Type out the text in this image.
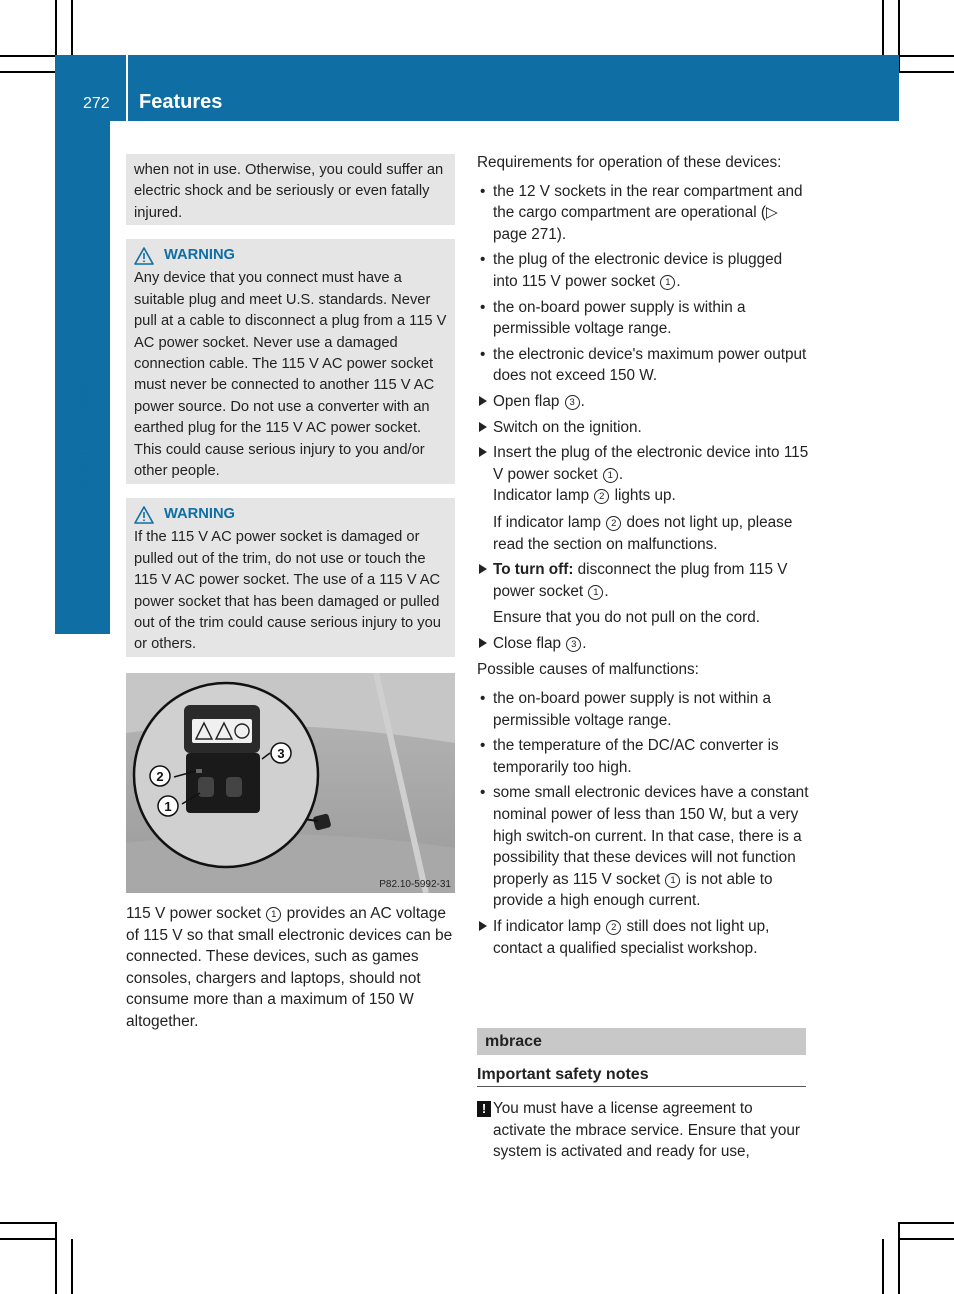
272 Features
Stowage and features
when not in use. Otherwise, you could suffer an electric shock and be seriously or even fatally injured.
WARNING
Any device that you connect must have a suitable plug and meet U.S. standards. Never pull at a cable to disconnect a plug from a 115 V AC power socket. Never use a damaged connection cable. The 115 V AC power socket must never be connected to another 115 V AC power source. Do not use a converter with an earthed plug for the 115 V AC power socket. This could cause serious injury to you and/or other people.
WARNING
If the 115 V AC power socket is damaged or pulled out of the trim, do not use or touch the 115 V AC power socket. The use of a 115 V AC power socket that has been damaged or pulled out of the trim could cause serious injury to you or others.
3
2
1
P82.10-5992-31
115 V power socket 1 provides an AC voltage of 115 V so that small electronic devices can be connected. These devices, such as games consoles, chargers and laptops, should not consume more than a maximum of 150 W altogether.

Requirements for operation of these devices:

• the 12 V sockets in the rear compartment and the cargo compartment are operational (▷ page 271).
• the plug of the electronic device is plugged into 115 V power socket 1 .
• the on-board power supply is within a permissible voltage range.
• the electronic device's maximum power output does not exceed 150 W.
Open flap 3 .
Switch on the ignition.
Insert the plug of the electronic device into 115 V power socket 1 .
Indicator lamp 2 lights up.
If indicator lamp 2 does not light up, please read the section on malfunctions.
To turn off: disconnect the plug from 115 V power socket 1 .
Ensure that you do not pull on the cord.
Close flap 3 .

Possible causes of malfunctions:

• the on-board power supply is not within a permissible voltage range.
• the temperature of the DC/AC converter is temporarily too high.
• some small electronic devices have a constant nominal power of less than 150 W, but a very high switch-on current. In that case, there is a possibility that these devices will not function properly as 115 V socket 1 is not able to provide a high enough current.
If indicator lamp 2 still does not light up, contact a qualified specialist workshop.
mbrace
Important safety notes
! You must have a license agreement to activate the mbrace service. Ensure that your system is activated and ready for use,
